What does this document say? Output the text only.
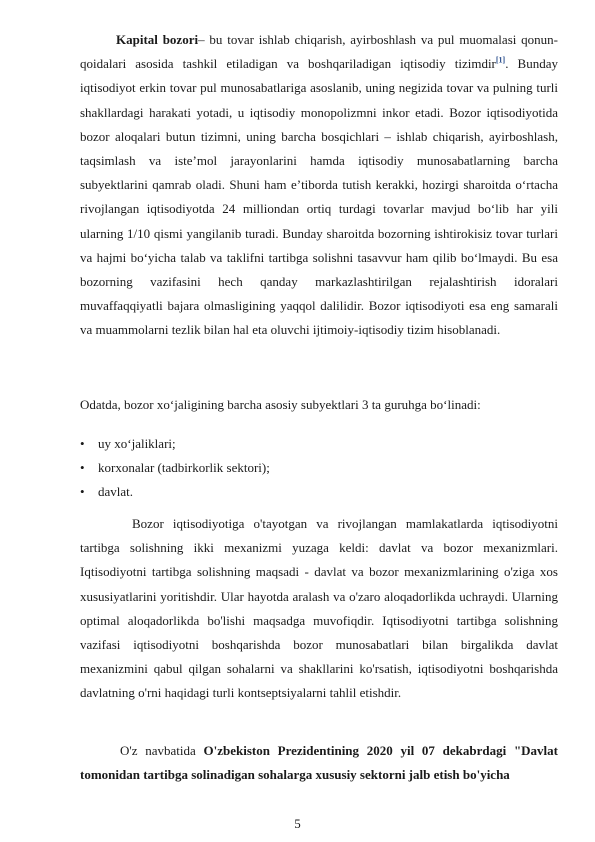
Kapital bozori– bu tovar ishlab chiqarish, ayirboshlash va pul muomalasi qonun-qoidalari asosida tashkil etiladigan va boshqariladigan iqtisodiy tizimdir[1]. Bunday iqtisodiyot erkin tovar pul munosabatlariga asoslanib, uning negizida tovar va pulning turli shakllardagi harakati yotadi, u iqtisodiy monopolizmni inkor etadi. Bozor iqtisodiyotida bozor aloqalari butun tizimni, uning barcha bosqichlari – ishlab chiqarish, ayirboshlash, taqsimlash va isteʼmol jarayonlarini hamda iqtisodiy munosabatlarning barcha subyektlarini qamrab oladi. Shuni ham eʼtiborda tutish kerakki, hozirgi sharoitda oʻrtacha rivojlangan iqtisodiyotda 24 milliondan ortiq turdagi tovarlar mavjud boʻlib har yili ularning 1/10 qismi yangilanib turadi. Bunday sharoitda bozorning ishtirokisiz tovar turlari va hajmi boʻyicha talab va taklifni tartibga solishni tasavvur ham qilib boʻlmaydi. Bu esa bozorning vazifasini hech qanday markazlashtirilgan rejalashtirish idoralari muvaffaqqiyatli bajara olmasligining yaqqol dalilidir. Bozor iqtisodiyoti esa eng samarali va muammolarni tezlik bilan hal eta oluvchi ijtimoiy-iqtisodiy tizim hisoblanadi.

Odatda, bozor xoʻjaligining barcha asosiy subyektlari 3 ta guruhga boʻlinadi:

• uy xoʻjaliklari;
• korxonalar (tadbirkorlik sektori);
• davlat.

Bozor iqtisodiyotiga o'tayotgan va rivojlangan mamlakatlarda iqtisodiyotni tartibga solishning ikki mexanizmi yuzaga keldi: davlat va bozor mexanizmlari. Iqtisodiyotni tartibga solishning maqsadi - davlat va bozor mexanizmlarining o'ziga xos xususiyatlarini yoritishdir. Ular hayotda aralash va o'zaro aloqadorlikda uchraydi. Ularning optimal aloqadorlikda bo'lishi maqsadga muvofiqdir. Iqtisodiyotni tartibga solishning vazifasi iqtisodiyotni boshqarishda bozor munosabatlari bilan birgalikda davlat mexanizmini qabul qilgan sohalarni va shakllarini ko'rsatish, iqtisodiyotni boshqarishda davlatning o'rni haqidagi turli kontseptsiyalarni tahlil etishdir.

O'z navbatida O'zbekiston Prezidentining 2020 yil 07 dekabrdagi "Davlat tomonidan tartibga solinadigan sohalarga xususiy sektorni jalb etish bo'yicha

5
